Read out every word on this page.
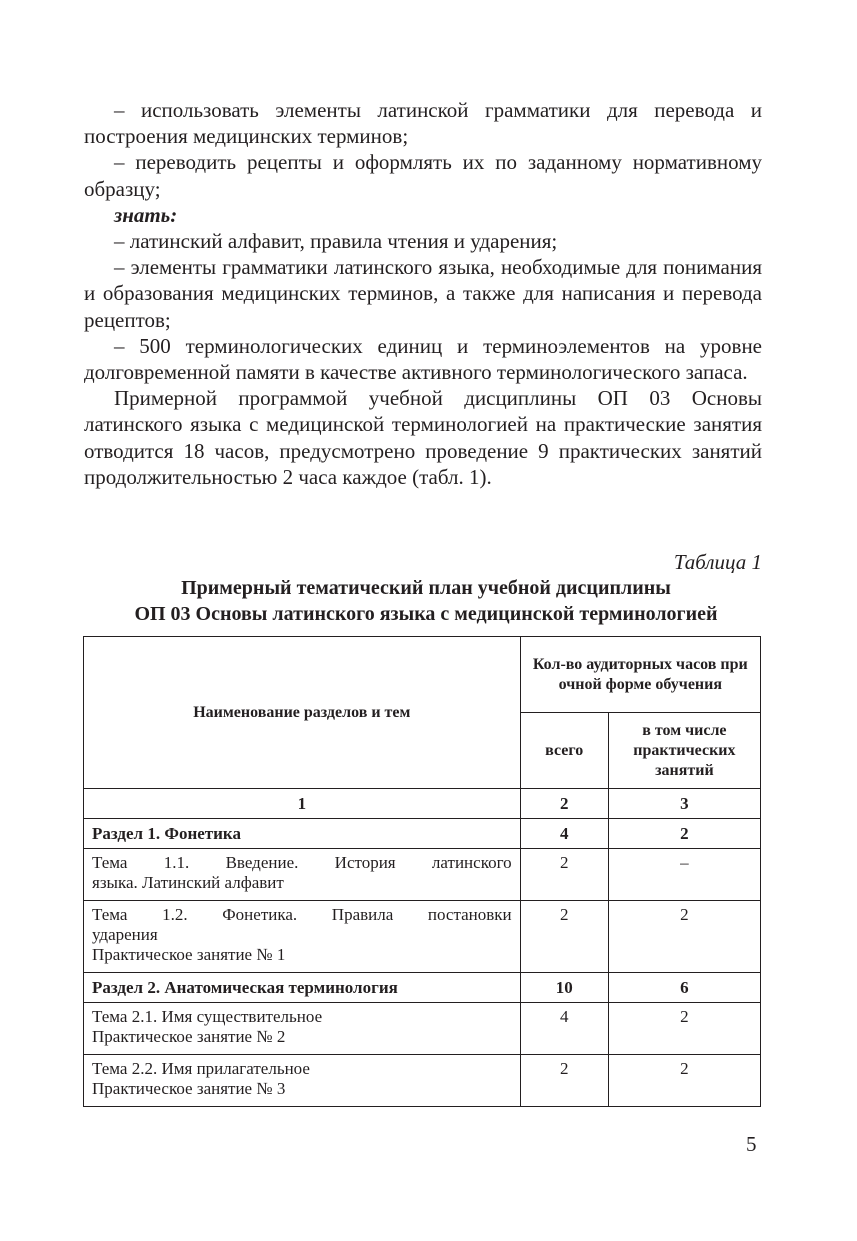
– использовать элементы латинской грамматики для перевода и построения медицинских терминов;

– переводить рецепты и оформлять их по заданному нормативному образцу;

знать:

– латинский алфавит, правила чтения и ударения;

– элементы грамматики латинского языка, необходимые для понимания и образования медицинских терминов, а также для написания и перевода рецептов;

– 500 терминологических единиц и терминоэлементов на уровне долговременной памяти в качестве активного терминологического запаса.

Примерной программой учебной дисциплины ОП 03 Основы латинского языка с медицинской терминологией на практические занятия отводится 18 часов, предусмотрено проведение 9 практических занятий продолжительностью 2 часа каждое (табл. 1).

Таблица 1
Примерный тематический план учебной дисциплины
ОП 03 Основы латинского языка с медицинской терминологией
Наименование разделов и тем	Кол-во аудиторных часов при очной форме обучения	
	всего	в том числе практических занятий
1	2	3
Раздел 1. Фонетика	4	2

Тема 1.1. Введение. История латинского
языка. Латинский алфавит	2	–

Тема 1.2. Фонетика. Правила постановки
ударения
Практическое занятие № 1	2	2
Раздел 2. Анатомическая терминология	10	6

Тема 2.1. Имя существительное
Практическое занятие № 2	4	2

Тема 2.2. Имя прилагательное
Практическое занятие № 3	2	2
5
